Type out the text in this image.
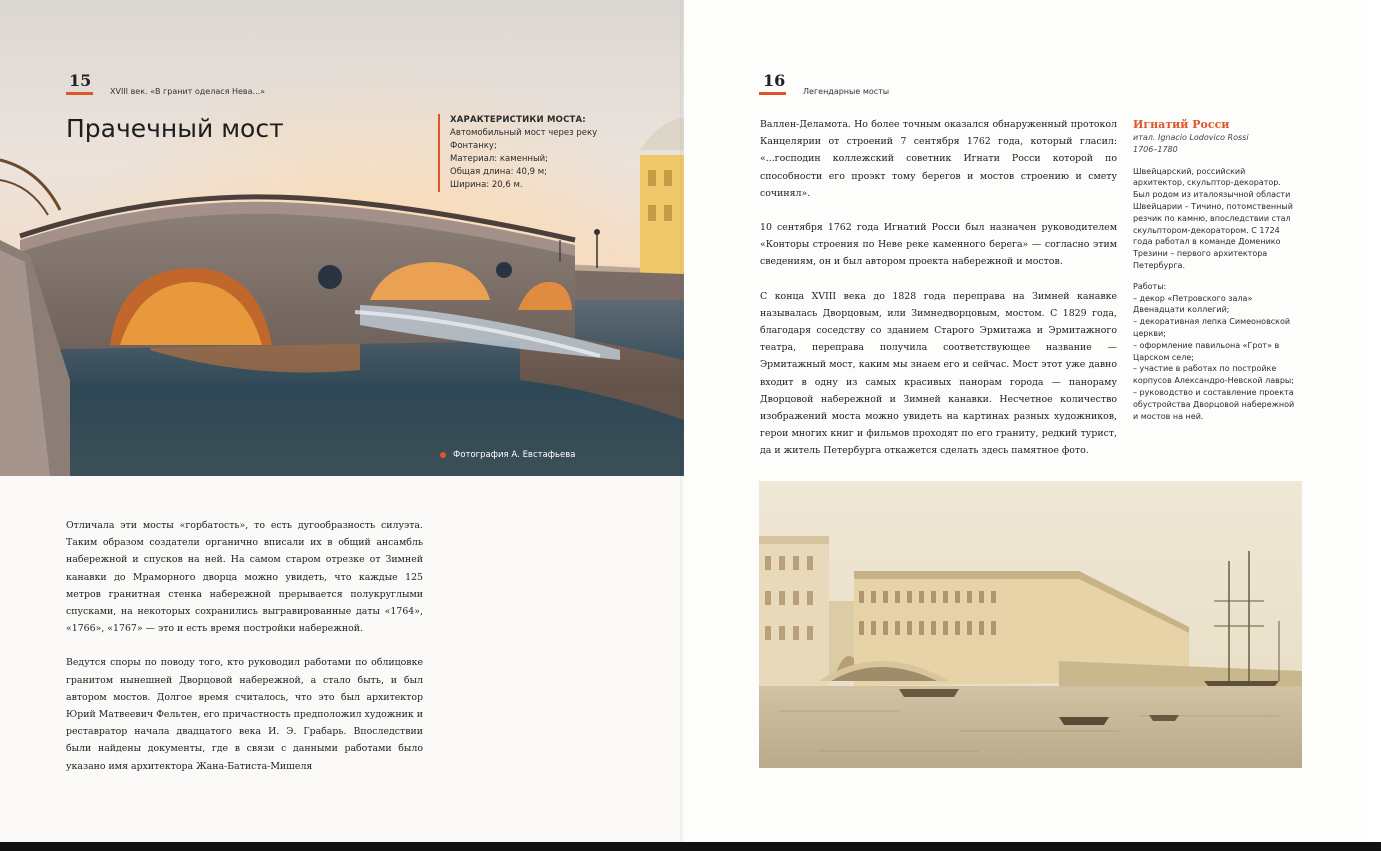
15
XVIII век. «В гранит оделася Нева...»
Прачечный мост	ХАРАКТЕРИСТИКИ МОСТА:
Автомобильный мост через реку
Фонтанку;
Материал: каменный;
Общая длина: 40,9 м;
Ширина: 20,6 м.
Фотография А. Евстафьева

Отличала эти мосты «горбатость», то есть дугообразность силуэта. Таким образом создатели органично вписали их в общий ансамбль набережной и спусков на ней. На самом старом отрезке от Зимней канавки до Мраморного дворца можно увидеть, что каждые 125 метров гранитная стенка набережной прерывается полукруглыми спусками, на некоторых сохранились выгравированные даты «1764», «1766», «1767» — это и есть время постройки набережной.

Ведутся споры по поводу того, кто руководил работами по облицовке гранитом нынешней Дворцовой набережной, а стало быть, и был автором мостов. Долгое время считалось, что это был архитектор Юрий Матвеевич Фельтен, его причастность предположил художник и реставратор начала двадцатого века И. Э. Грабарь. Впоследствии были найдены документы, где в связи с данными работами было указано имя архитектора Жана-Батиста-Мишеля

16
Легендарные мосты

Валлен-Деламота. Но более точным оказался обнаруженный протокол Канцелярии от строений 7 сентября 1762 года, который гласил: «...господин коллежский советник Игнати Росси которой по способности его проэкт тому берегов и мостов строению и смету сочинял».

10 сентября 1762 года Игнатий Росси был назначен руководителем «Конторы строения по Неве реке каменного берега» — согласно этим сведениям, он и был автором проекта набережной и мостов.

С конца XVIII века до 1828 года переправа на Зимней канавке называлась Дворцовым, или Зимнедворцовым, мостом. С 1829 года, благодаря соседству со зданием Старого Эрмитажа и Эрмитажного театра, переправа получила соответствующее название — Эрмитажный мост, каким мы знаем его и сейчас. Мост этот уже давно входит в одну из самых красивых панорам города — панораму Дворцовой набережной и Зимней канавки. Несчетное количество изображений моста можно увидеть на картинах разных художников, герои многих книг и фильмов проходят по его граниту, редкий турист, да и житель Петербурга откажется сделать здесь памятное фото.

Игнатий Росси
итал. Ignacio Lodovico Rossi
1706–1780

Швейцарский, российский архитектор, скульптор-декоратор. Был родом из италоязычной области Швейцарии – Тичино, потомственный резчик по камню, впоследствии стал скульптором-декоратором. С 1724 года работал в команде Доменико Трезини – первого архитектора Петербурга.

Работы:

– декор «Петровского зала» Двенадцати коллегий;

– декоративная лепка Симеоновской церкви;

– оформление павильона «Грот» в Царском селе;

– участие в работах по постройке корпусов Александро-Невской лавры;

– руководство и составление проекта обустройства Дворцовой набережной и мостов на ней.
